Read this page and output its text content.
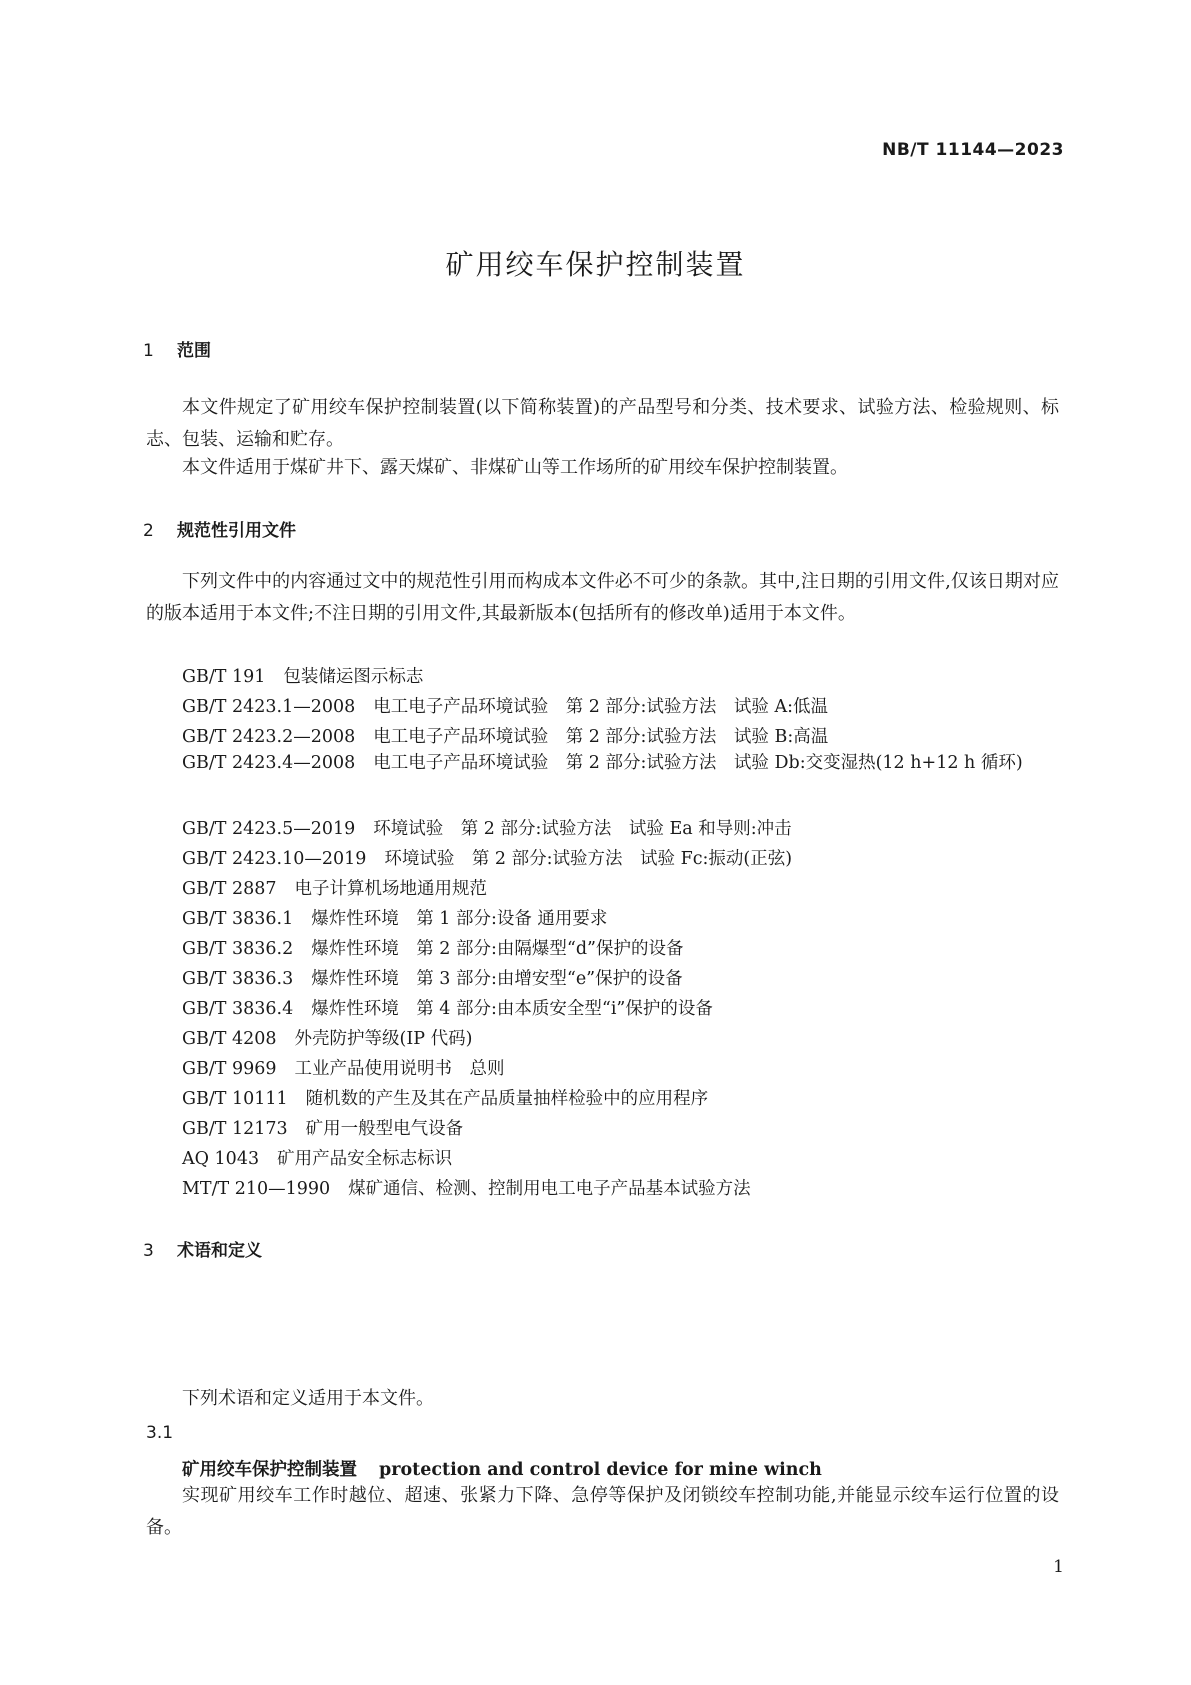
NB/T 11144—2023
矿用绞车保护控制装置
1 范围
本文件规定了矿用绞车保护控制装置(以下简称装置)的产品型号和分类、技术要求、试验方法、检验规则、标志、包装、运输和贮存。
本文件适用于煤矿井下、露天煤矿、非煤矿山等工作场所的矿用绞车保护控制装置。
2 规范性引用文件
下列文件中的内容通过文中的规范性引用而构成本文件必不可少的条款。其中,注日期的引用文件,仅该日期对应的版本适用于本文件;不注日期的引用文件,其最新版本(包括所有的修改单)适用于本文件。
GB/T 191 包装储运图示标志
GB/T 2423.1—2008 电工电子产品环境试验　第 2 部分:试验方法　试验 A:低温
GB/T 2423.2—2008 电工电子产品环境试验　第 2 部分:试验方法　试验 B:高温
GB/T 2423.4—2008 电工电子产品环境试验　第 2 部分:试验方法　试验 Db:交变湿热(12 h+12 h 循环)
GB/T 2423.5—2019 环境试验　第 2 部分:试验方法　试验 Ea 和导则:冲击
GB/T 2423.10—2019 环境试验　第 2 部分:试验方法　试验 Fc:振动(正弦)
GB/T 2887 电子计算机场地通用规范
GB/T 3836.1 爆炸性环境　第 1 部分:设备 通用要求
GB/T 3836.2 爆炸性环境　第 2 部分:由隔爆型“d”保护的设备
GB/T 3836.3 爆炸性环境　第 3 部分:由增安型“e”保护的设备
GB/T 3836.4 爆炸性环境　第 4 部分:由本质安全型“i”保护的设备
GB/T 4208 外壳防护等级(IP 代码)
GB/T 9969 工业产品使用说明书　总则
GB/T 10111 随机数的产生及其在产品质量抽样检验中的应用程序
GB/T 12173 矿用一般型电气设备
AQ 1043 矿用产品安全标志标识
MT/T 210—1990 煤矿通信、检测、控制用电工电子产品基本试验方法
3 术语和定义
下列术语和定义适用于本文件。
3.1
矿用绞车保护控制装置 protection and control device for mine winch
实现矿用绞车工作时越位、超速、张紧力下降、急停等保护及闭锁绞车控制功能,并能显示绞车运行位置的设备。
1
